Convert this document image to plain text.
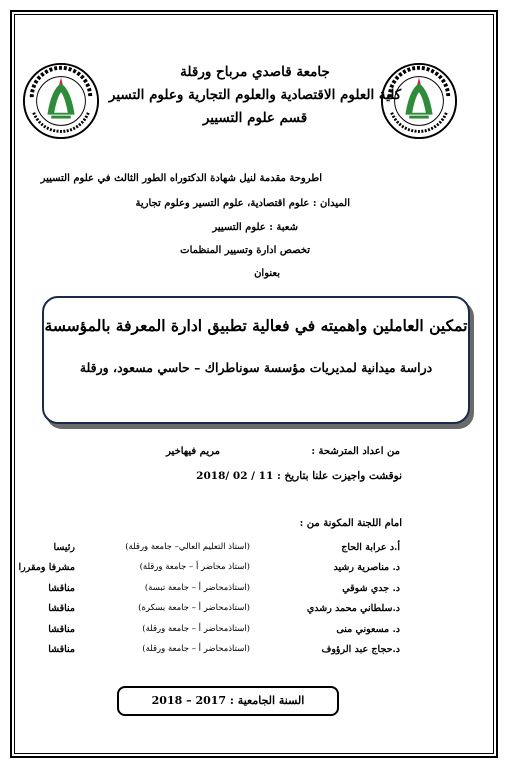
جامعة قاصدي مرباح ورقلة
كلية العلوم الاقتصادية والعلوم التجارية وعلوم التسير
قسم علوم التسيير
اطروحة مقدمة لنيل شهادة الدكتوراه الطور الثالث في علوم التسيير
الميدان : علوم اقتصادية، علوم التسير وعلوم تجارية
شعبة : علوم التسيير
تخصص ادارة وتسيير المنظمات
بعنوان
تمكين العاملين واهميته في فعالية تطبيق ادارة المعرفة بالمؤسسة
دراسة ميدانية لمديريات مؤسسة سوناطراك – حاسي مسعود، ورقلة
من اعداد المترشحة :
مريم فيهاخير
نوقشت واجيزت علنا بتاريخ : 11 / 02 /2018
امام اللجنة المكونة من :
أ.د عرابة الحاج
(استاذ التعليم العالي– جامعة ورقلة)
رئيسا
د. مناصرية رشيد
(استاذ محاضر أ – جامعة ورقلة)
مشرفا ومقررا
د. جدي شوقي
(استاذمحاضر أ – جامعة تبسة)
مناقشا
د.سلطاني محمد رشدي
(استاذمحاضر أ – جامعة بسكرة)
مناقشا
د. مسعوني منى
(استاذمحاضر أ – جامعة ورقلة)
مناقشا
د.حجاج عبد الرؤوف
(استاذمحاضر أ – جامعة ورقلة)
مناقشا
السنة الجامعية : 2017 – 2018
